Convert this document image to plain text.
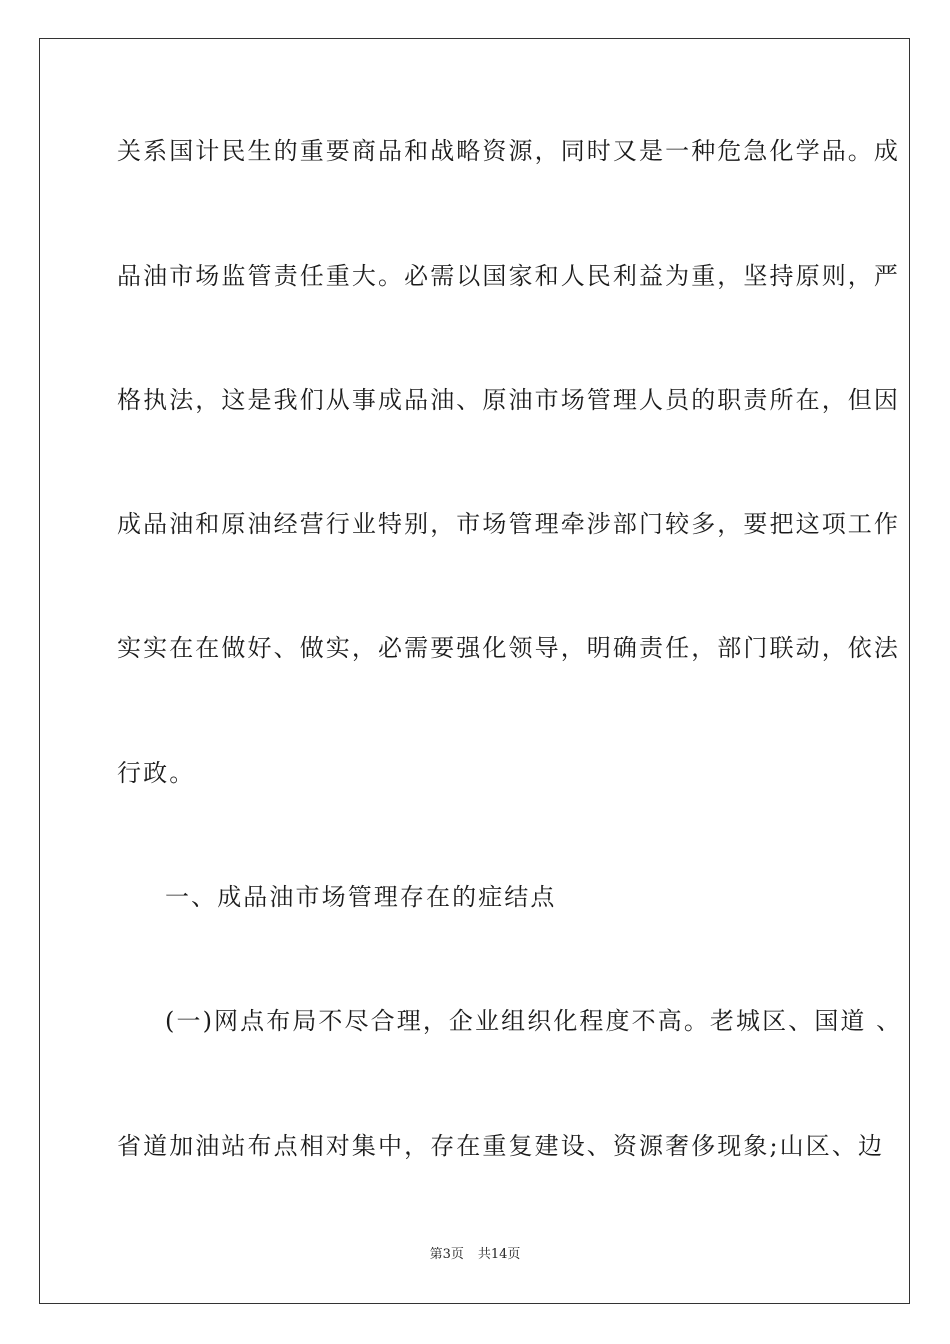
关系国计民生的重要商品和战略资源，同时又是一种危急化学品。成
品油市场监管责任重大。必需以国家和人民利益为重，坚持原则，严
格执法，这是我们从事成品油、原油市场管理人员的职责所在，但因
成品油和原油经营行业特别，市场管理牵涉部门较多，要把这项工作
实实在在做好、做实，必需要强化领导，明确责任，部门联动，依法
行政。
一、成品油市场管理存在的症结点
(一)网点布局不尽合理，企业组织化程度不高。老城区、国道 、
省道加油站布点相对集中，存在重复建设、资源奢侈现象;山区、边
第3页 共14页
